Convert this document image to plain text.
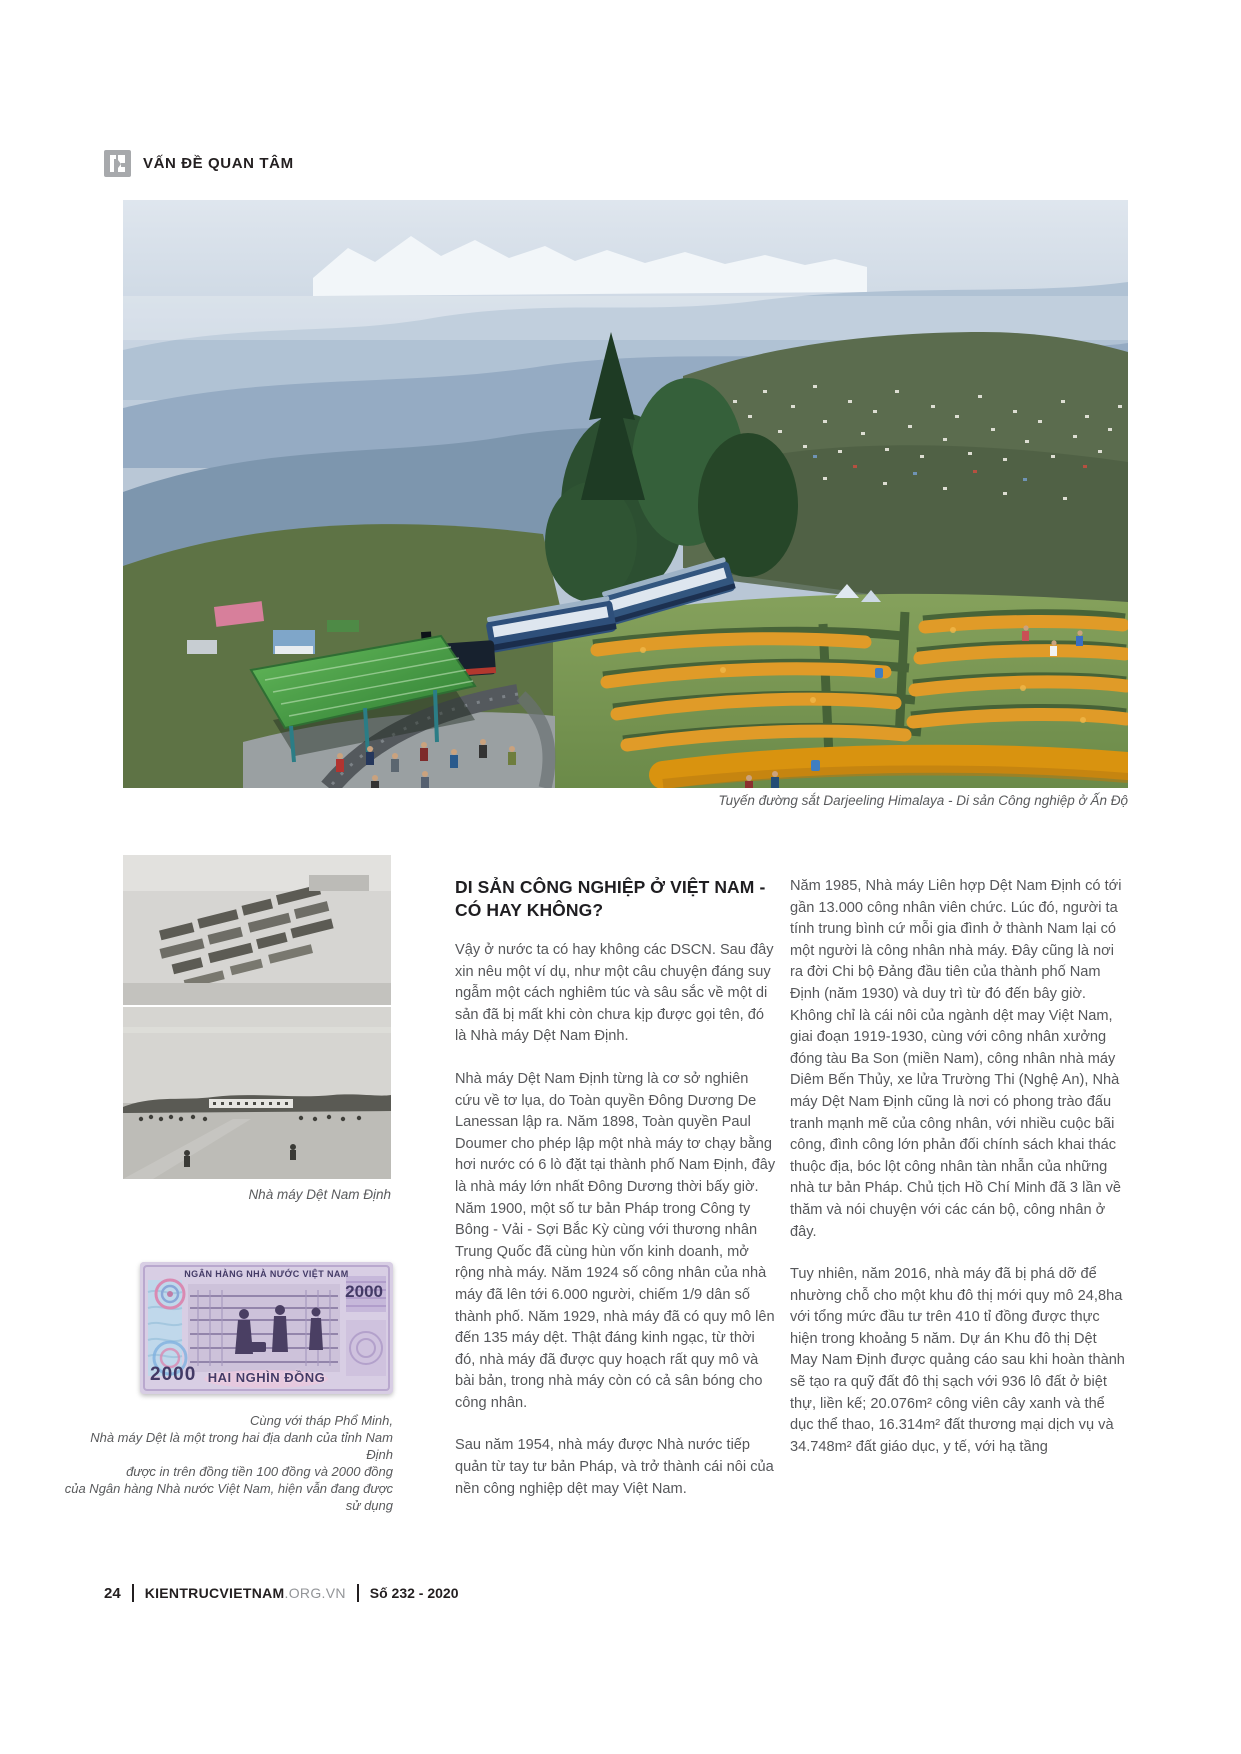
VẤN ĐỀ QUAN TÂM
Tuyến đường sắt Darjeeling Himalaya - Di sản Công nghiệp ở Ấn Độ
Nhà máy Dệt Nam Định
NGÂN HÀNG NHÀ NƯỚC VIỆT NAM
2000
2000 HAI NGHÌN ĐỒNG
Cùng với tháp Phổ Minh,
Nhà máy Dệt là một trong hai địa danh của tỉnh Nam Định
được in trên đồng tiền 100 đồng và 2000 đồng
của Ngân hàng Nhà nước Việt Nam, hiện vẫn đang được sử dụng
DI SẢN CÔNG NGHIỆP Ở VIỆT NAM - CÓ HAY KHÔNG?

Vậy ở nước ta có hay không các DSCN. Sau đây xin nêu một ví dụ, như một câu chuyện đáng suy ngẫm một cách nghiêm túc và sâu sắc về một di sản đã bị mất khi còn chưa kịp được gọi tên, đó là Nhà máy Dệt Nam Định.

Nhà máy Dệt Nam Định từng là cơ sở nghiên cứu về tơ lụa, do Toàn quyền Đông Dương De Lanessan lập ra. Năm 1898, Toàn quyền Paul Doumer cho phép lập một nhà máy tơ chạy bằng hơi nước có 6 lò đặt tại thành phố Nam Định, đây là nhà máy lớn nhất Đông Dương thời bấy giờ. Năm 1900, một số tư bản Pháp trong Công ty Bông - Vải - Sợi Bắc Kỳ cùng với thương nhân Trung Quốc đã cùng hùn vốn kinh doanh, mở rộng nhà máy. Năm 1924 số công nhân của nhà máy đã lên tới 6.000 người, chiếm 1/9 dân số thành phố. Năm 1929, nhà máy đã có quy mô lên đến 135 máy dệt. Thật đáng kinh ngạc, từ thời đó, nhà máy đã được quy hoạch rất quy mô và bài bản, trong nhà máy còn có cả sân bóng cho công nhân.

Sau năm 1954, nhà máy được Nhà nước tiếp quản từ tay tư bản Pháp, và trở thành cái nôi của nền công nghiệp dệt may Việt Nam.

Năm 1985, Nhà máy Liên hợp Dệt Nam Định có tới gần 13.000 công nhân viên chức. Lúc đó, người ta tính trung bình cứ mỗi gia đình ở thành Nam lại có một người là công nhân nhà máy. Đây cũng là nơi ra đời Chi bộ Đảng đầu tiên của thành phố Nam Định (năm 1930) và duy trì từ đó đến bây giờ. Không chỉ là cái nôi của ngành dệt may Việt Nam, giai đoạn 1919-1930, cùng với công nhân xưởng đóng tàu Ba Son (miền Nam), công nhân nhà máy Diêm Bến Thủy, xe lửa Trường Thi (Nghệ An), Nhà máy Dệt Nam Định cũng là nơi có phong trào đấu tranh mạnh mẽ của công nhân, với nhiều cuộc bãi công, đình công lớn phản đối chính sách khai thác thuộc địa, bóc lột công nhân tàn nhẫn của những nhà tư bản Pháp. Chủ tịch Hồ Chí Minh đã 3 lần về thăm và nói chuyện với các cán bộ, công nhân ở đây.

Tuy nhiên, năm 2016, nhà máy đã bị phá dỡ để nhường chỗ cho một khu đô thị mới quy mô 24,8ha với tổng mức đầu tư trên 410 tỉ đồng được thực hiện trong khoảng 5 năm. Dự án Khu đô thị Dệt May Nam Định được quảng cáo sau khi hoàn thành sẽ tạo ra quỹ đất đô thị sạch với 936 lô đất ở biệt thự, liền kế; 20.076m² công viên cây xanh và thể dục thể thao, 16.314m² đất thương mại dịch vụ và 34.748m² đất giáo dục, y tế, với hạ tầng

24 KIENTRUCVIETNAM.ORG.VN Số 232 - 2020
